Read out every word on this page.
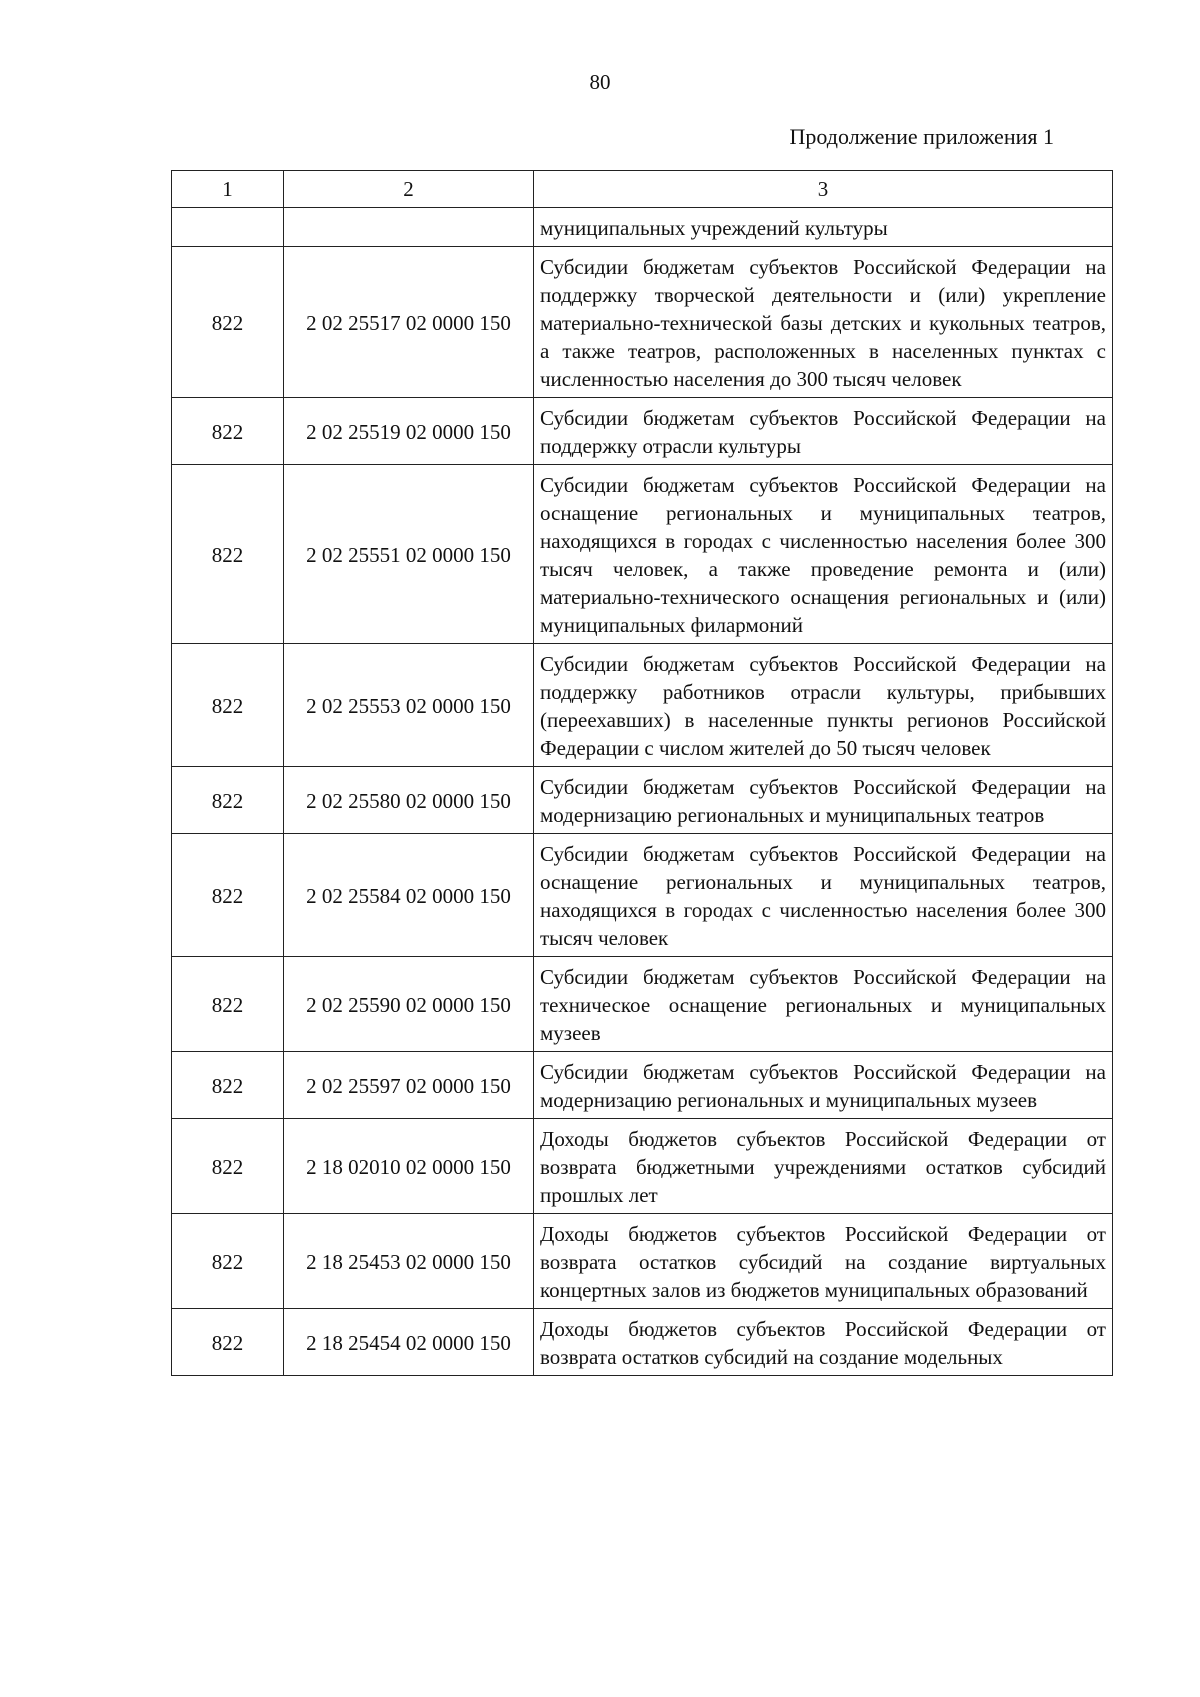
80
Продолжение приложения 1
1	2	3
		муниципальных учреждений культуры
822	2 02 25517 02 0000 150	Субсидии бюджетам субъектов Российской Федерации на поддержку творческой деятельности и (или) укрепление материально-технической базы детских и кукольных театров, а также театров, расположенных в населенных пунктах с численностью населения до 300 тысяч человек
822	2 02 25519 02 0000 150	Субсидии бюджетам субъектов Российской Федерации на поддержку отрасли культуры
822	2 02 25551 02 0000 150	Субсидии бюджетам субъектов Российской Федерации на оснащение региональных и муниципальных театров, находящихся в городах с численностью населения более 300 тысяч человек, а также проведение ремонта и (или) материально-технического оснащения региональных и (или) муниципальных филармоний
822	2 02 25553 02 0000 150	Субсидии бюджетам субъектов Российской Федерации на поддержку работников отрасли культуры, прибывших (переехавших) в населенные пункты регионов Российской Федерации с числом жителей до 50 тысяч человек
822	2 02 25580 02 0000 150	Субсидии бюджетам субъектов Российской Федерации на модернизацию региональных и муниципальных театров
822	2 02 25584 02 0000 150	Субсидии бюджетам субъектов Российской Федерации на оснащение региональных и муниципальных театров, находящихся в городах с численностью населения более 300 тысяч человек
822	2 02 25590 02 0000 150	Субсидии бюджетам субъектов Российской Федерации на техническое оснащение региональных и муниципальных музеев
822	2 02 25597 02 0000 150	Субсидии бюджетам субъектов Российской Федерации на модернизацию региональных и муниципальных музеев
822	2 18 02010 02 0000 150	Доходы бюджетов субъектов Российской Федерации от возврата бюджетными учреждениями остатков субсидий прошлых лет
822	2 18 25453 02 0000 150	Доходы бюджетов субъектов Российской Федерации от возврата остатков субсидий на создание виртуальных концертных залов из бюджетов муниципальных образований
822	2 18 25454 02 0000 150	Доходы бюджетов субъектов Российской Федерации от возврата остатков субсидий на создание модельных
